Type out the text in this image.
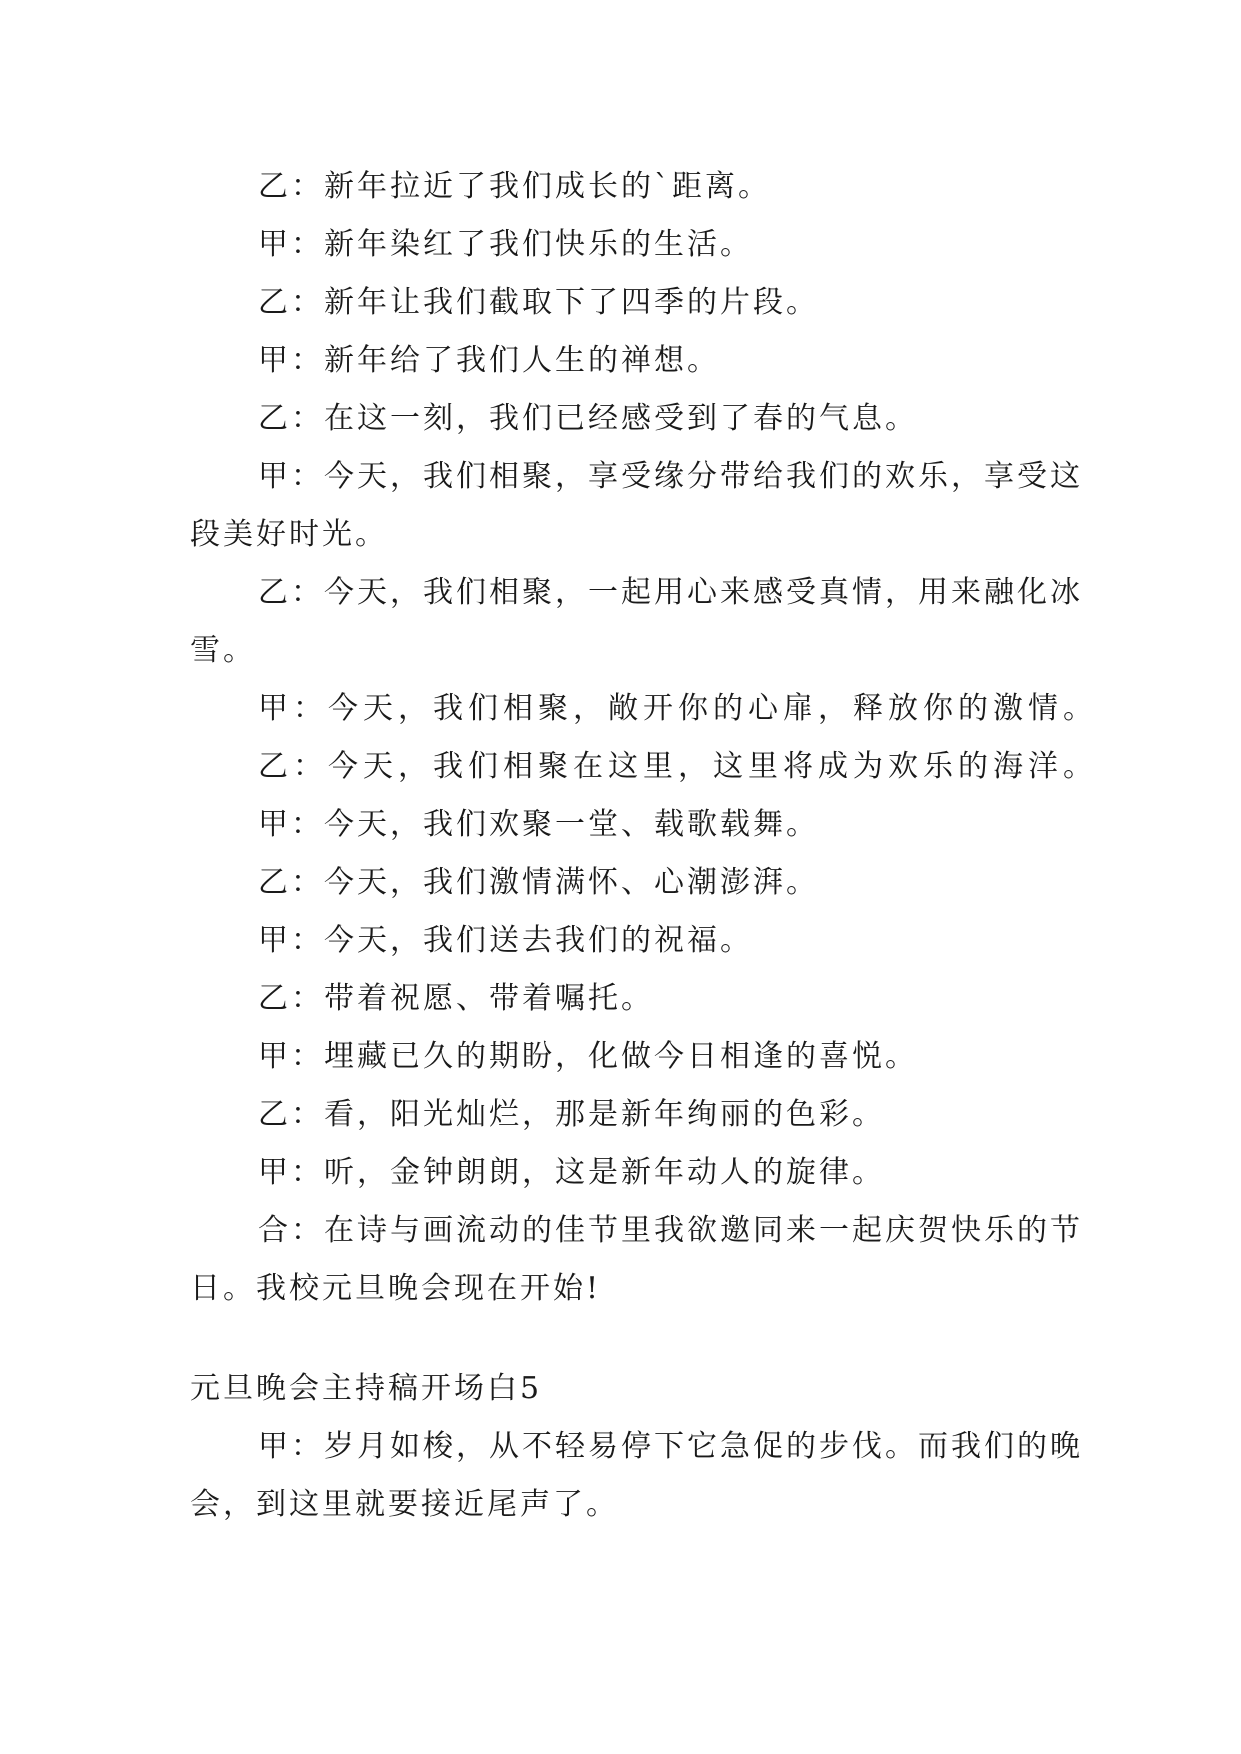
乙：新年拉近了我们成长的`距离。

甲：新年染红了我们快乐的生活。

乙：新年让我们截取下了四季的片段。

甲：新年给了我们人生的禅想。

乙：在这一刻，我们已经感受到了春的气息。

甲：今天，我们相聚，享受缘分带给我们的欢乐，享受这段美好时光。

乙：今天，我们相聚，一起用心来感受真情，用来融化冰雪。

甲：今天，我们相聚，敞开你的心扉，释放你的激情。

乙：今天，我们相聚在这里，这里将成为欢乐的海洋。

甲：今天，我们欢聚一堂、载歌载舞。

乙：今天，我们激情满怀、心潮澎湃。

甲：今天，我们送去我们的祝福。

乙：带着祝愿、带着嘱托。

甲：埋藏已久的期盼，化做今日相逢的喜悦。

乙：看，阳光灿烂，那是新年绚丽的色彩。

甲：听，金钟朗朗，这是新年动人的旋律。

合：在诗与画流动的佳节里我欲邀同来一起庆贺快乐的节日。我校元旦晚会现在开始!

元旦晚会主持稿开场白5

甲：岁月如梭，从不轻易停下它急促的步伐。而我们的晚会，到这里就要接近尾声了。
